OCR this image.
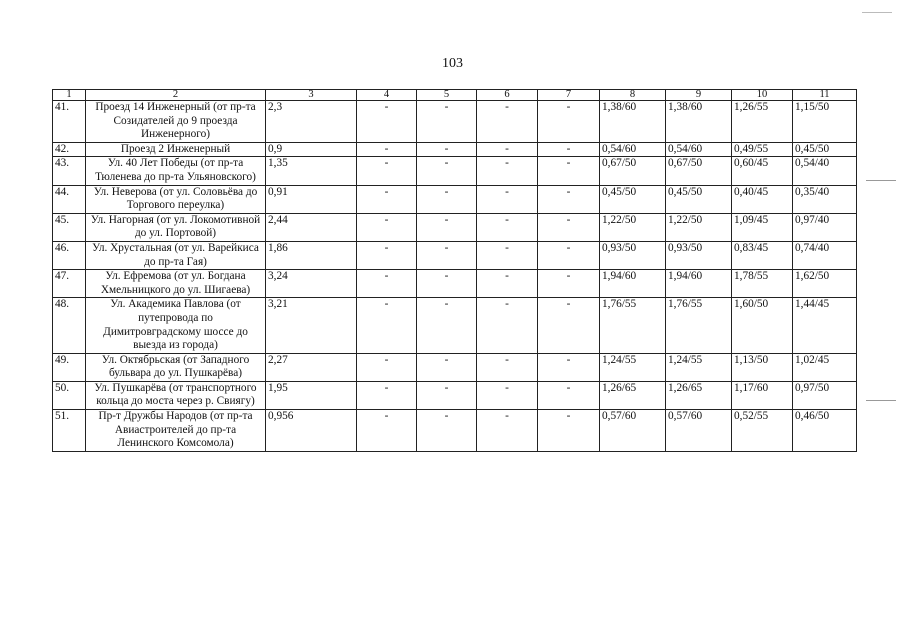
103
1	2	3	4	5	6	7	8	9	10	11
41.	Проезд 14 Инженерный (от пр-та Созидателей до 9 проезда Инженерного)	2,3	-	-	-	-	1,38/60	1,38/60	1,26/55	1,15/50
42.	Проезд 2 Инженерный	0,9	-	-	-	-	0,54/60	0,54/60	0,49/55	0,45/50
43.	Ул. 40 Лет Победы (от пр-та Тюленева до пр-та Ульяновского)	1,35	-	-	-	-	0,67/50	0,67/50	0,60/45	0,54/40
44.	Ул. Неверова (от ул. Соловьёва до Торгового переулка)	0,91	-	-	-	-	0,45/50	0,45/50	0,40/45	0,35/40
45.	Ул. Нагорная (от ул. Локомотивной до ул. Портовой)	2,44	-	-	-	-	1,22/50	1,22/50	1,09/45	0,97/40
46.	Ул. Хрустальная (от ул. Варейкиса до пр-та Гая)	1,86	-	-	-	-	0,93/50	0,93/50	0,83/45	0,74/40
47.	Ул. Ефремова (от ул. Богдана Хмельницкого до ул. Шигаева)	3,24	-	-	-	-	1,94/60	1,94/60	1,78/55	1,62/50
48.	Ул. Академика Павлова (от путепровода по Димитровградскому шоссе до выезда из города)	3,21	-	-	-	-	1,76/55	1,76/55	1,60/50	1,44/45
49.	Ул. Октябрьская (от Западного бульвара до ул. Пушкарёва)	2,27	-	-	-	-	1,24/55	1,24/55	1,13/50	1,02/45
50.	Ул. Пушкарёва (от транспортного кольца до моста через р. Свиягу)	1,95	-	-	-	-	1,26/65	1,26/65	1,17/60	0,97/50
51.	Пр-т Дружбы Народов (от пр-та Авиастроителей до пр-та Ленинского Комсомола)	0,956	-	-	-	-	0,57/60	0,57/60	0,52/55	0,46/50
